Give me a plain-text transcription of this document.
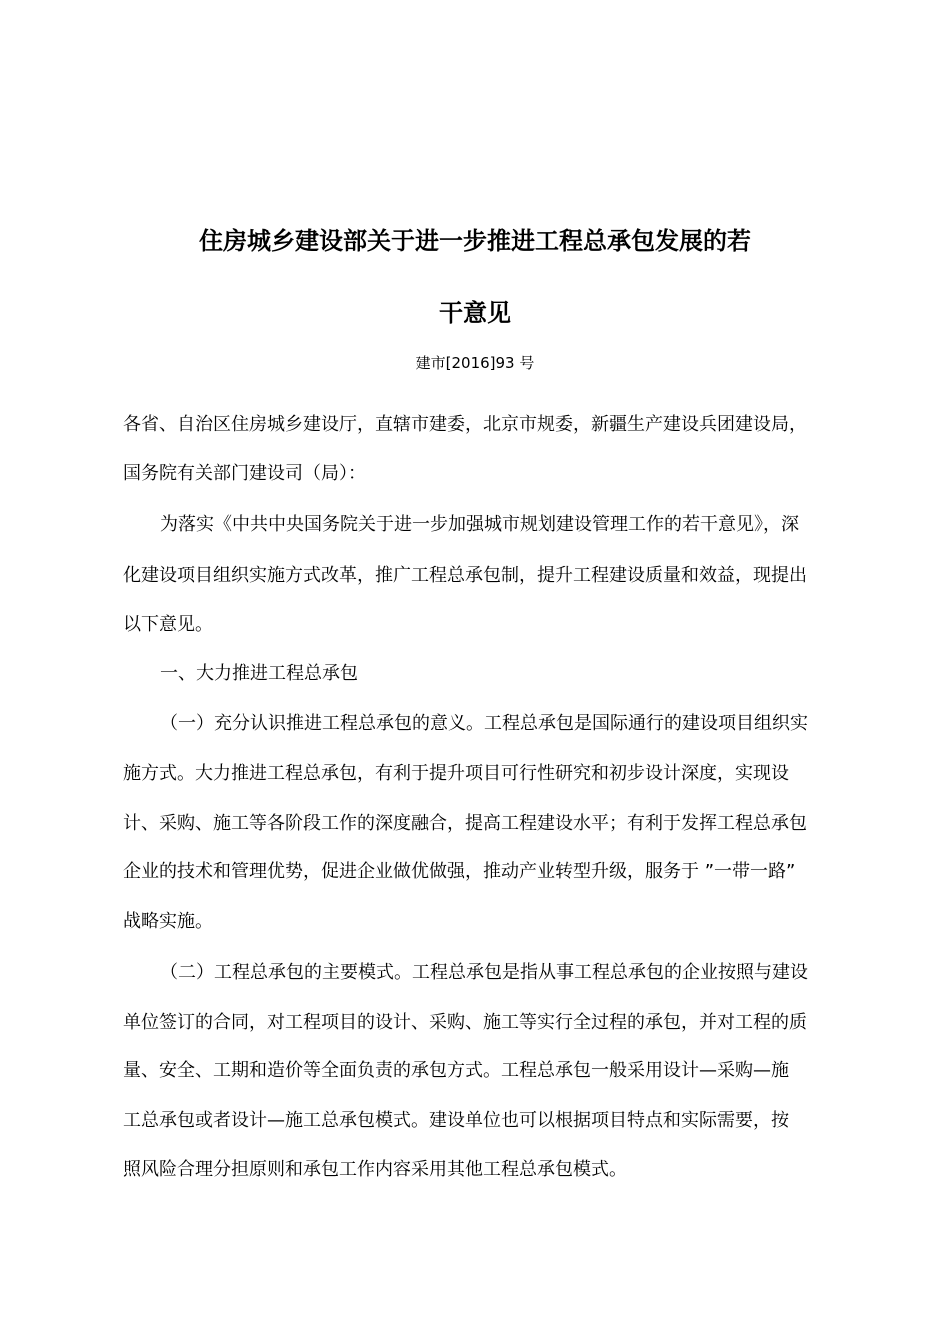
住房城乡建设部关于进一步推进工程总承包发展的若
干意见
建市[2016]93 号
各省、自治区住房城乡建设厅，直辖市建委，北京市规委，新疆生产建设兵团建设局，
国务院有关部门建设司（局）：
为落实《中共中央国务院关于进一步加强城市规划建设管理工作的若干意见》，深
化建设项目组织实施方式改革，推广工程总承包制，提升工程建设质量和效益，现提出
以下意见。
一、大力推进工程总承包
（一）充分认识推进工程总承包的意义。工程总承包是国际通行的建设项目组织实
施方式。大力推进工程总承包，有利于提升项目可行性研究和初步设计深度，实现设
计、采购、施工等各阶段工作的深度融合，提高工程建设水平；有利于发挥工程总承包
企业的技术和管理优势，促进企业做优做强，推动产业转型升级，服务于 ”一带一路”
战略实施。
（二）工程总承包的主要模式。工程总承包是指从事工程总承包的企业按照与建设
单位签订的合同，对工程项目的设计、采购、施工等实行全过程的承包，并对工程的质
量、安全、工期和造价等全面负责的承包方式。工程总承包一般采用设计—采购—施
工总承包或者设计—施工总承包模式。建设单位也可以根据项目特点和实际需要，按
照风险合理分担原则和承包工作内容采用其他工程总承包模式。
